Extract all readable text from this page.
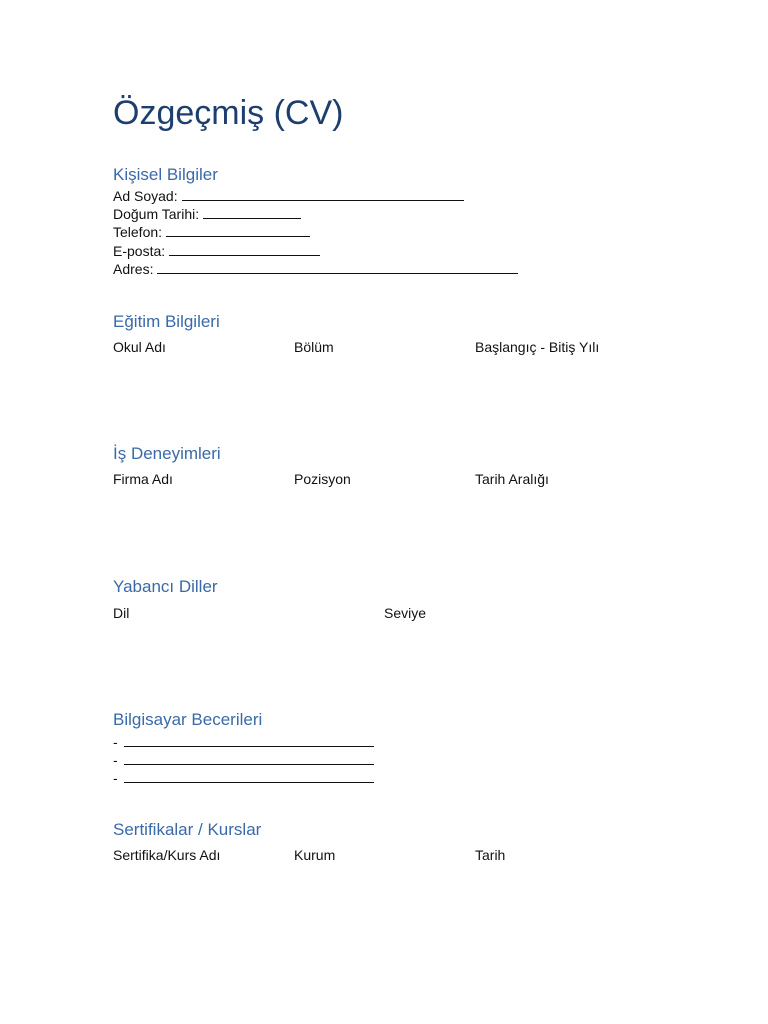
Özgeçmiş (CV)
Kişisel Bilgiler
Ad Soyad:
Doğum Tarihi:
Telefon:
E-posta:
Adres:
Eğitim Bilgileri
Okul Adı	Bölüm	Başlangıç - Bitiş Yılı
İş Deneyimleri
Firma Adı	Pozisyon	Tarih Aralığı
Yabancı Diller
Dil	Seviye
Bilgisayar Becerileri
-
-
-
Sertifikalar / Kurslar
Sertifika/Kurs Adı	Kurum	Tarih
